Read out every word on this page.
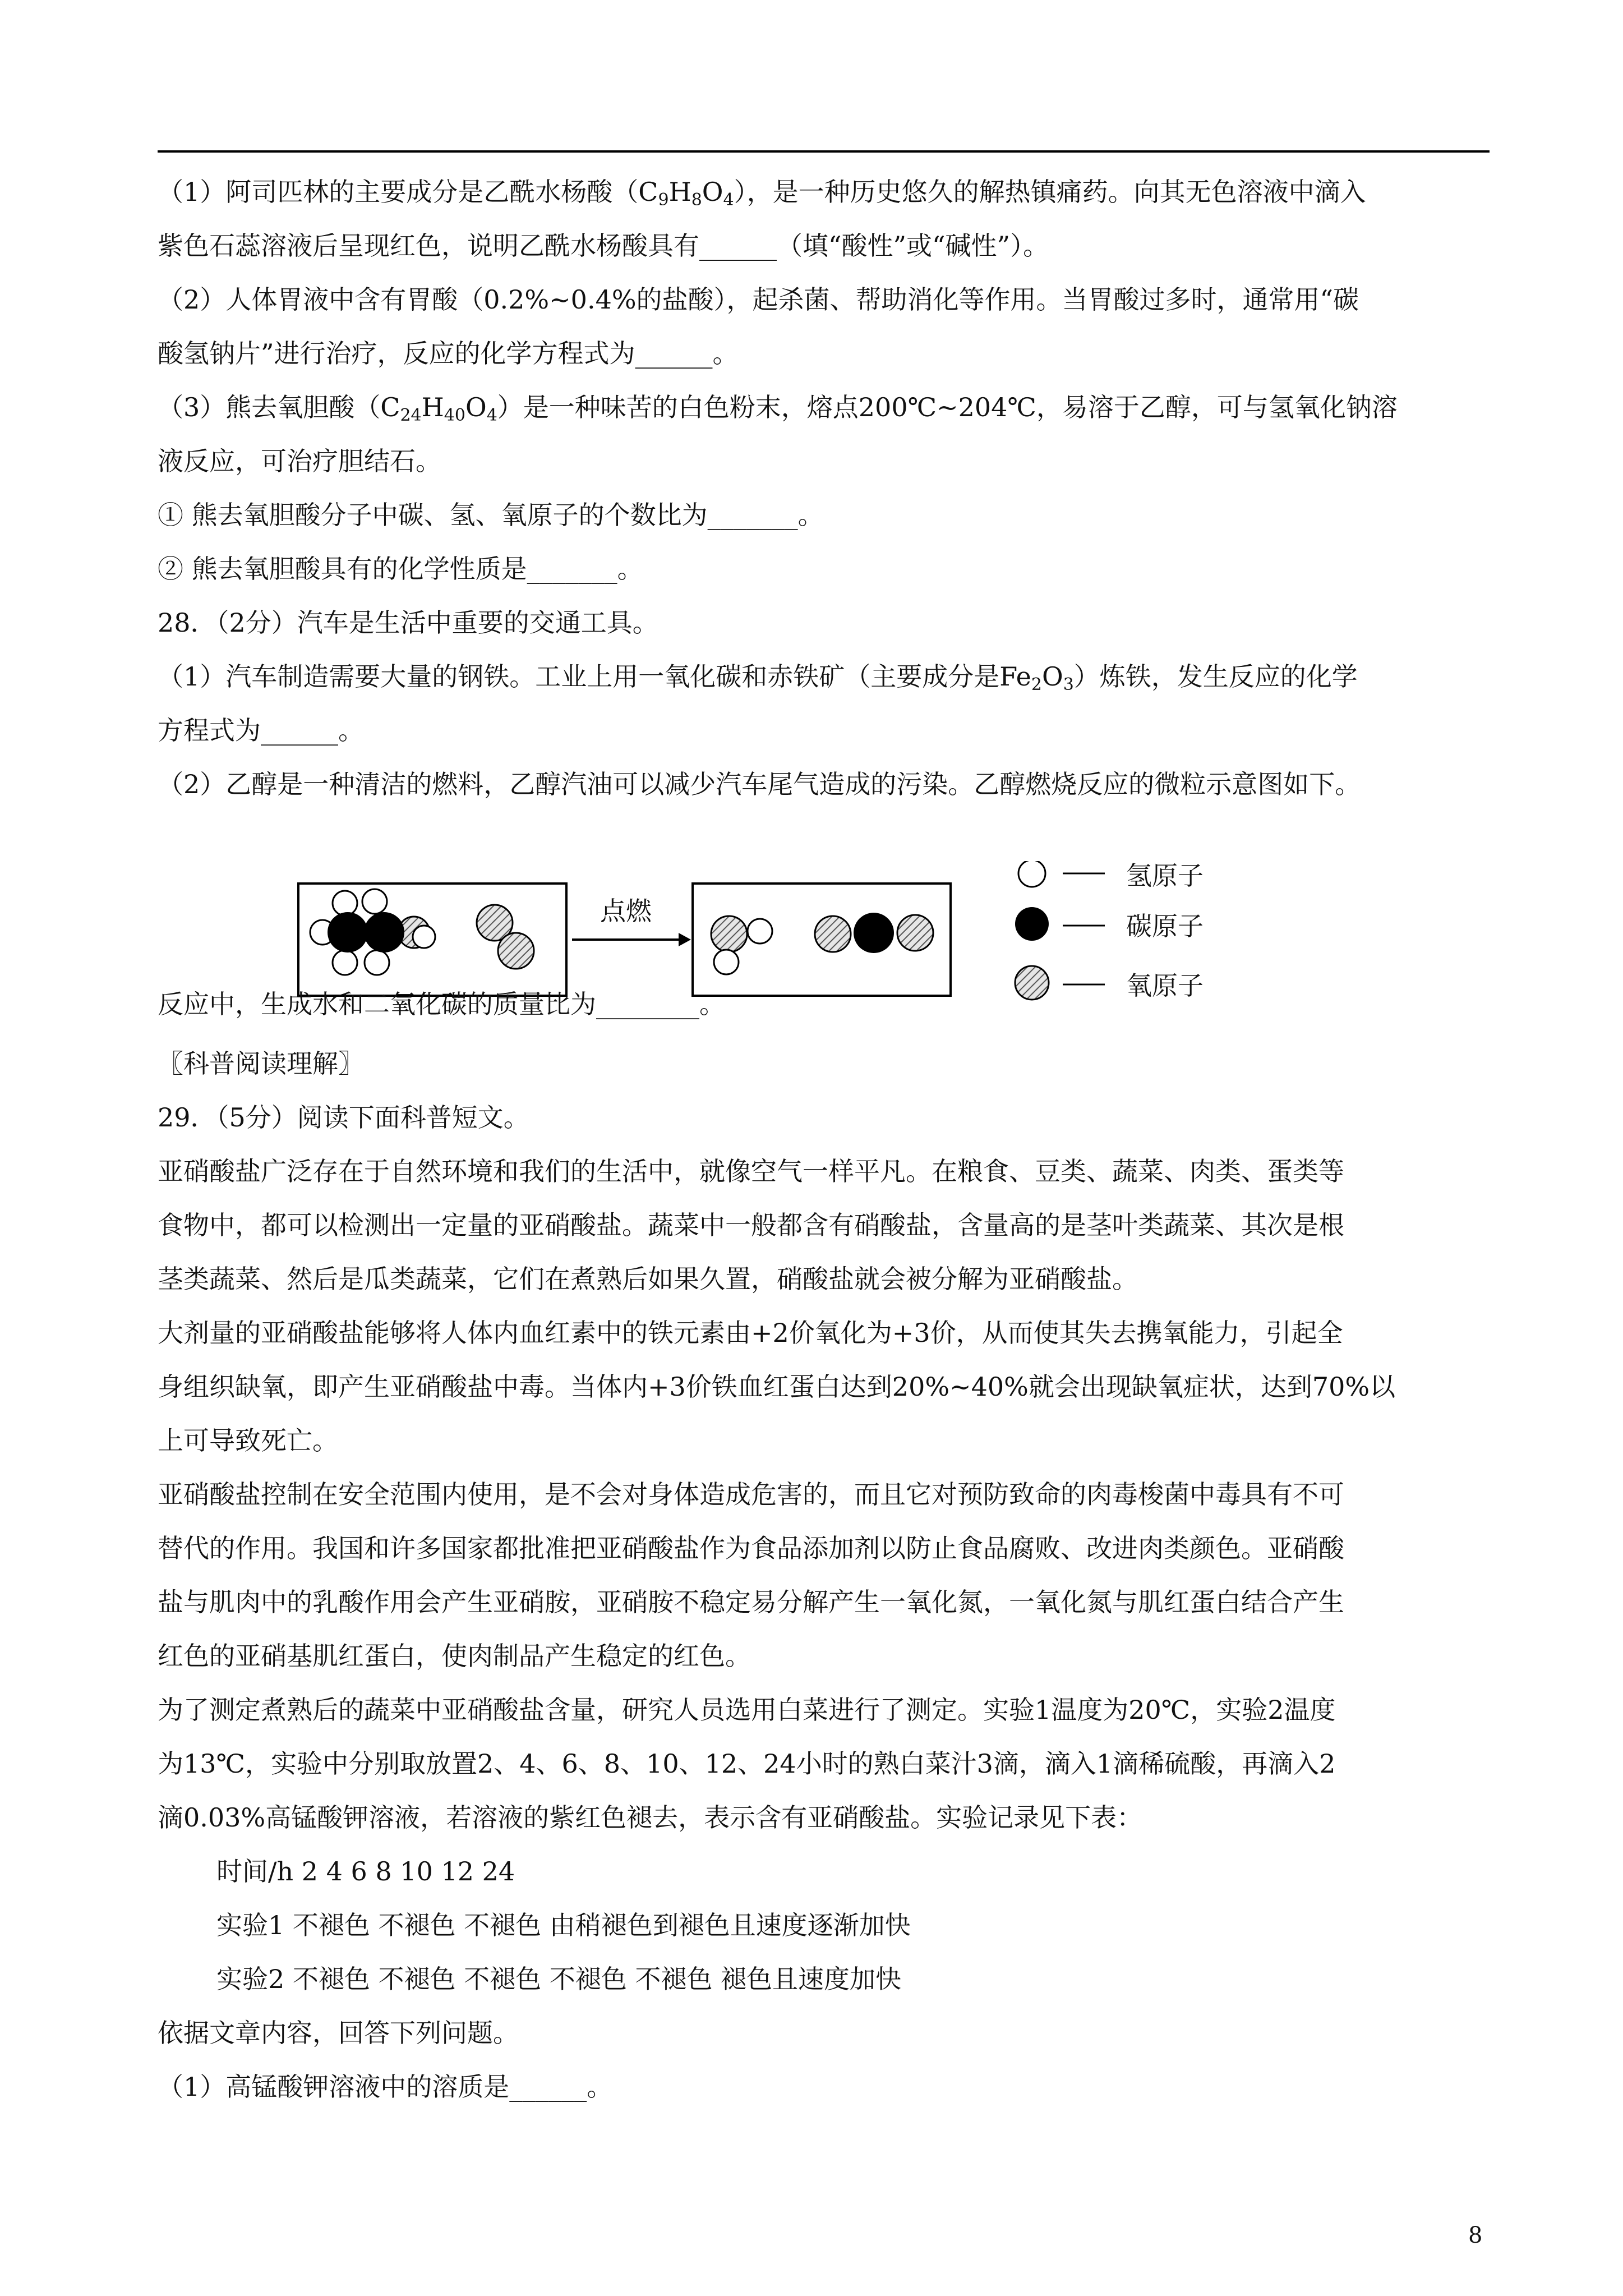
（1）阿司匹林的主要成分是乙酰水杨酸$(C_9H_8O_4)$，是一种历史悠久的解热镇痛药。向其无色溶液中滴入
紫色石蕊溶液后呈现红色，说明乙酰水杨酸具有______（填“酸性”或“碱性”）。
（2）人体胃液中含有胃酸（0.2%~0.4%的盐酸），起杀菌、帮助消化等作用。当胃酸过多时，通常用“碳
酸氢钠片”进行治疗，反应的化学方程式为______。
（3）熊去氧胆酸$(C_{24}H_{40}O_4)$是一种味苦的白色粉末，熔点200℃~204℃，易溶于乙醇，可与氢氧化钠溶
液反应，可治疗胆结石。
① 熊去氧胆酸分子中碳、氢、氧原子的个数比为_______。
② 熊去氧胆酸具有的化学性质是_______。
28．（2分）汽车是生活中重要的交通工具。
（1）汽车制造需要大量的钢铁。工业上用一氧化碳和赤铁矿（主要成分是$Fe_2O_3$）炼铁，发生反应的化学
方程式为______。
（2）乙醇是一种清洁的燃料，乙醇汽油可以减少汽车尾气造成的污染。乙醇燃烧反应的微粒示意图如下。
点燃
氢原子
碳原子
氧原子
反应中，生成水和二氧化碳的质量比为________。
〖科普阅读理解〗
29．（5分）阅读下面科普短文。
亚硝酸盐广泛存在于自然环境和我们的生活中，就像空气一样平凡。在粮食、豆类、蔬菜、肉类、蛋类等
食物中，都可以检测出一定量的亚硝酸盐。蔬菜中一般都含有硝酸盐，含量高的是茎叶类蔬菜、其次是根
茎类蔬菜、然后是瓜类蔬菜，它们在煮熟后如果久置，硝酸盐就会被分解为亚硝酸盐。
大剂量的亚硝酸盐能够将人体内血红素中的铁元素由+2价氧化为+3价，从而使其失去携氧能力，引起全
身组织缺氧，即产生亚硝酸盐中毒。当体内+3价铁血红蛋白达到20%~40%就会出现缺氧症状，达到70%以
上可导致死亡。
亚硝酸盐控制在安全范围内使用，是不会对身体造成危害的，而且它对预防致命的肉毒梭菌中毒具有不可
替代的作用。我国和许多国家都批准把亚硝酸盐作为食品添加剂以防止食品腐败、改进肉类颜色。亚硝酸
盐与肌肉中的乳酸作用会产生亚硝胺，亚硝胺不稳定易分解产生一氧化氮，一氧化氮与肌红蛋白结合产生
红色的亚硝基肌红蛋白，使肉制品产生稳定的红色。
为了测定煮熟后的蔬菜中亚硝酸盐含量，研究人员选用白菜进行了测定。实验1温度为20℃，实验2温度
为13℃，实验中分别取放置2、4、6、8、10、12、24小时的熟白菜汁3滴，滴入1滴稀硫酸，再滴入2
滴0.03%高锰酸钾溶液，若溶液的紫红色褪去，表示含有亚硝酸盐。实验记录见下表：
时间/h 2 4 6 8 10 12 24
实验1 不褪色 不褪色 不褪色 由稍褪色到褪色且速度逐渐加快
实验2 不褪色 不褪色 不褪色 不褪色 不褪色 褪色且速度加快
依据文章内容，回答下列问题。
（1）高锰酸钾溶液中的溶质是______。
8
